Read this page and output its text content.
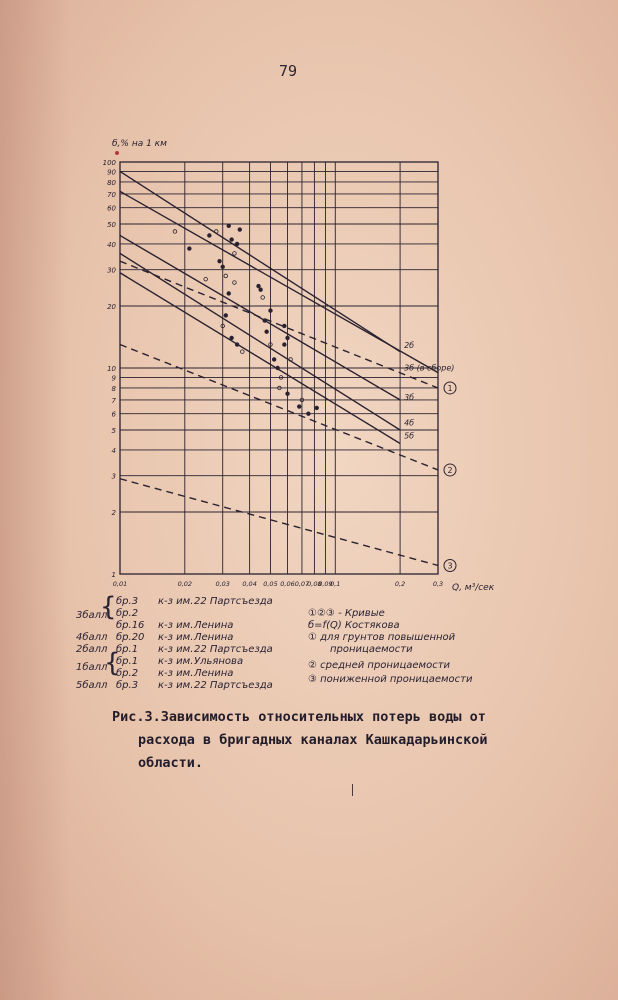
79
100
90
80
70
60
50
40
30
20
10
9
8
7
6
5
4
3
2
1
0,01	0,02	0,03 0,04 0,05 0,06 0,07
0,08
0,09
0,1	0,2	0,3
б,% на 1 км
Q, м³/сек
2б
3б (в сборе)
3б
4б
5б
1
2
3
{
3балл
бр.3 к-з им. 22 Партсъезда
бр.2
бр.16 к-з им. Ленина
4балл бр.20 к-з им. Ленина
2балл бр.1 к-з им. 22 Партсъезда
{
1балл
бр.1 к-з им. Ульянова
бр.2 к-з им. Ленина
5балл бр.3 к-з им. 22 Партсъезда
①②③ - Кривые
б=f(Q) Костякова
① для грунтов повышенной
проницаемости
② средней проницаемости
③ пониженной проницаемости
Рис.3.Зависимость относительных потерь воды от
расхода в бригадных каналах Кашкадарьинской
области.
